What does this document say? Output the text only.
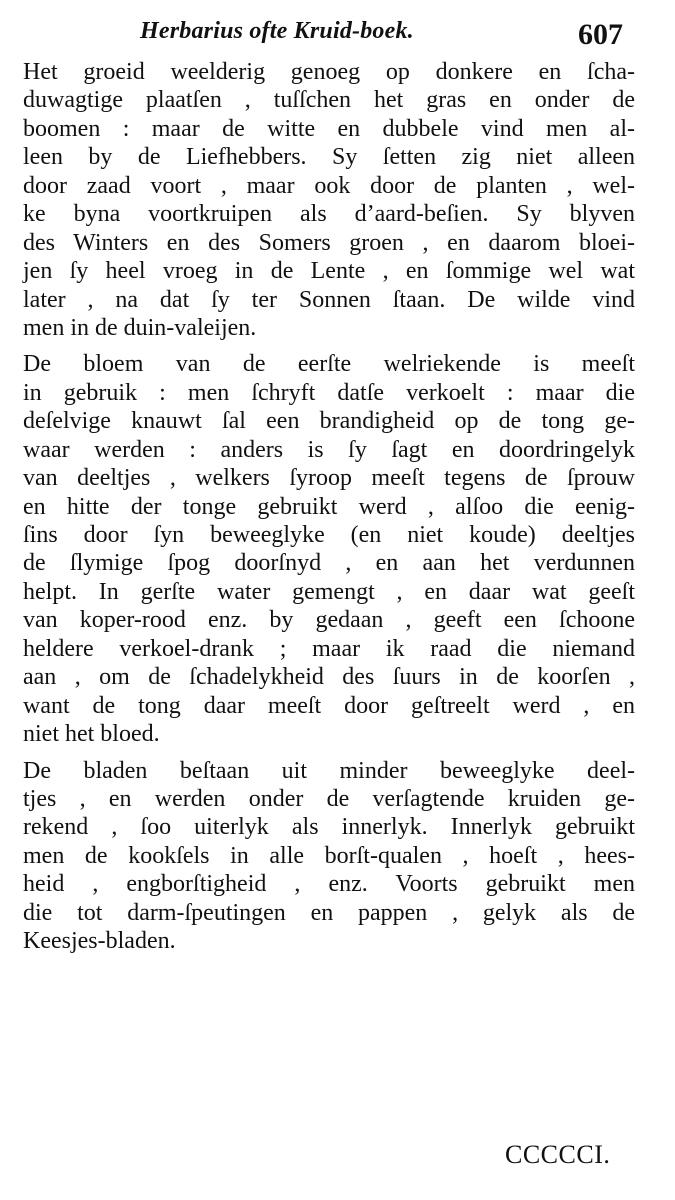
Herbarius ofte Kruid-boek.	607
Het groeid weelderig genoeg op donkere en ſcha-
duwagtige plaatſen , tuſſchen het gras en onder de
boomen : maar de witte en dubbele vind men al-
leen by de Liefhebbers. Sy ſetten zig niet alleen
door zaad voort , maar ook door de planten , wel-
ke byna voortkruipen als d’aard-beſien. Sy blyven
des Winters en des Somers groen , en daarom bloei-
jen ſy heel vroeg in de Lente , en ſommige wel wat
later , na dat ſy ter Sonnen ſtaan. De wilde vind
men in de duin-valeijen.
De bloem van de eerſte welriekende is meeſt
in gebruik : men ſchryft datſe verkoelt : maar die
deſelvige knauwt ſal een brandigheid op de tong ge-
waar werden : anders is ſy ſagt en doordringelyk
van deeltjes , welkers ſyroop meeſt tegens de ſprouw
en hitte der tonge gebruikt werd , alſoo die eenig-
ſins door ſyn beweeglyke (en niet koude) deeltjes
de ſlymige ſpog doorſnyd , en aan het verdunnen
helpt. In gerſte water gemengt , en daar wat geeſt
van koper-rood enz. by gedaan , geeft een ſchoone
heldere verkoel-drank ; maar ik raad die niemand
aan , om de ſchadelykheid des ſuurs in de koorſen ,
want de tong daar meeſt door geſtreelt werd , en
niet het bloed.
De bladen beſtaan uit minder beweeglyke deel-
tjes , en werden onder de verſagtende kruiden ge-
rekend , ſoo uiterlyk als innerlyk. Innerlyk gebruikt
men de kookſels in alle borſt-qualen , hoeſt , hees-
heid , engborſtigheid , enz. Voorts gebruikt men
die tot darm-ſpeutingen en pappen , gelyk als de
Keesjes-bladen.
CCCCCI.
